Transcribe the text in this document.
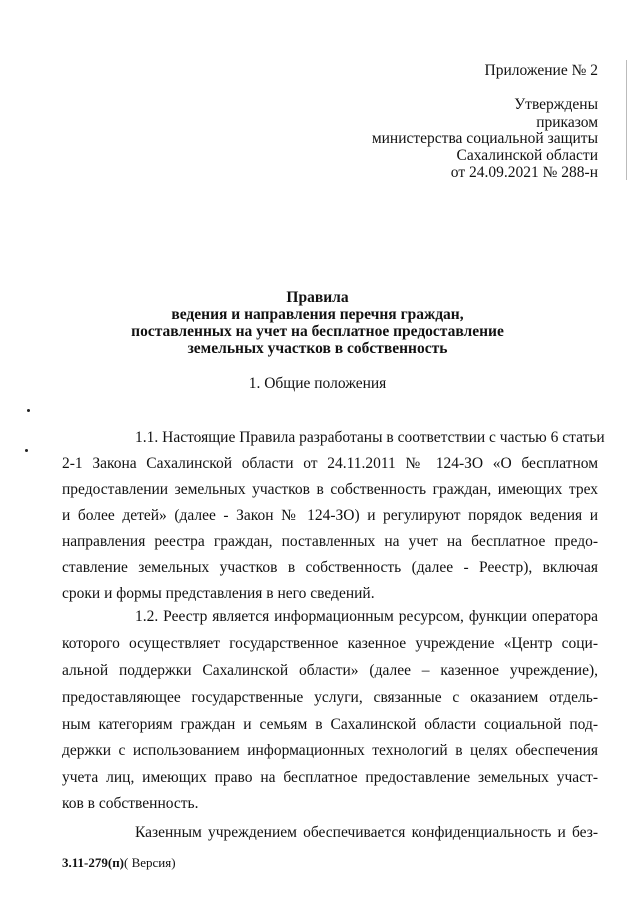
Приложение № 2
Утверждены
приказом
министерства социальной защиты
Сахалинской области
от 24.09.2021 № 288-н
Правила
ведения и направления перечня граждан,
поставленных на учет на бесплатное предоставление
земельных участков в собственность
1. Общие положения
1.1. Настоящие Правила разработаны в соответствии с частью 6 статьи
2-1 Закона Сахалинской области от 24.11.2011 № 124-ЗО «О бесплатном
предоставлении земельных участков в собственность граждан, имеющих трех
и более детей» (далее - Закон № 124-ЗО) и регулируют порядок ведения и
направления реестра граждан, поставленных на учет на бесплатное предо-
ставление земельных участков в собственность (далее - Реестр), включая
сроки и формы представления в него сведений.
1.2. Реестр является информационным ресурсом, функции оператора
которого осуществляет государственное казенное учреждение «Центр соци-
альной поддержки Сахалинской области» (далее – казенное учреждение),
предоставляющее государственные услуги, связанные с оказанием отдель-
ным категориям граждан и семьям в Сахалинской области социальной под-
держки с использованием информационных технологий в целях обеспечения
учета лиц, имеющих право на бесплатное предоставление земельных участ-
ков в собственность.
Казенным учреждением обеспечивается конфиденциальность и без-
3.11-279(п)( Версия)
